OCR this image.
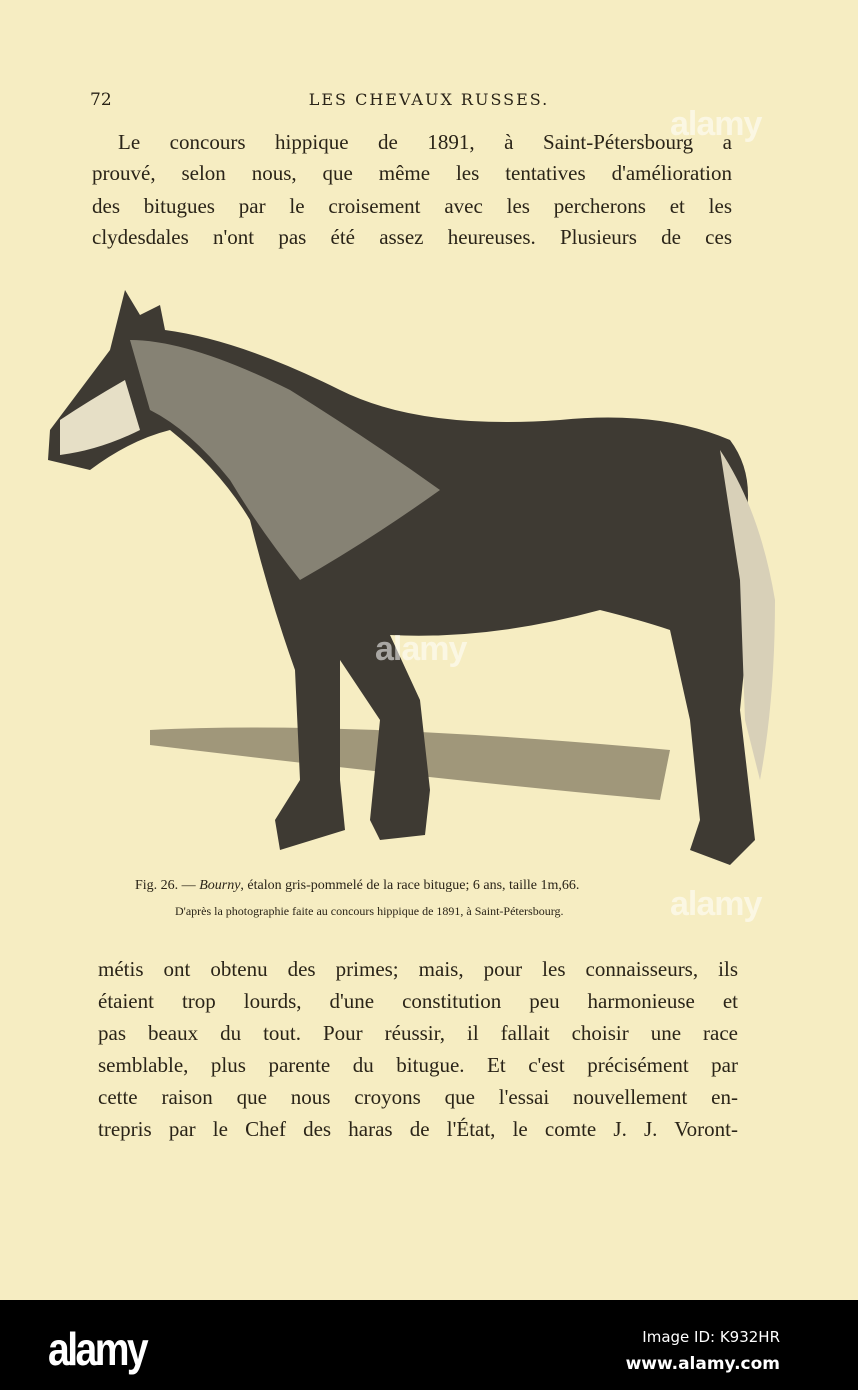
72	LES CHEVAUX RUSSES.
Le concours hippique de 1891, à Saint-Pétersbourg a
prouvé, selon nous, que même les tentatives d'amélioration
des bitugues par le croisement avec les percherons et les
clydesdales n'ont pas été assez heureuses. Plusieurs de ces
Fig. 26. — Bourny, étalon gris-pommelé de la race bitugue; 6 ans, taille 1m,66.
D'après la photographie faite au concours hippique de 1891, à Saint-Pétersbourg.
métis ont obtenu des primes; mais, pour les connaisseurs, ils
étaient trop lourds, d'une constitution peu harmonieuse et
pas beaux du tout. Pour réussir, il fallait choisir une race
semblable, plus parente du bitugue. Et c'est précisément par
cette raison que nous croyons que l'essai nouvellement en-
trepris par le Chef des haras de l'État, le comte J. J. Voront-
alamy
alamy
alamy
alamy	Image ID: K932HR
www.alamy.com
